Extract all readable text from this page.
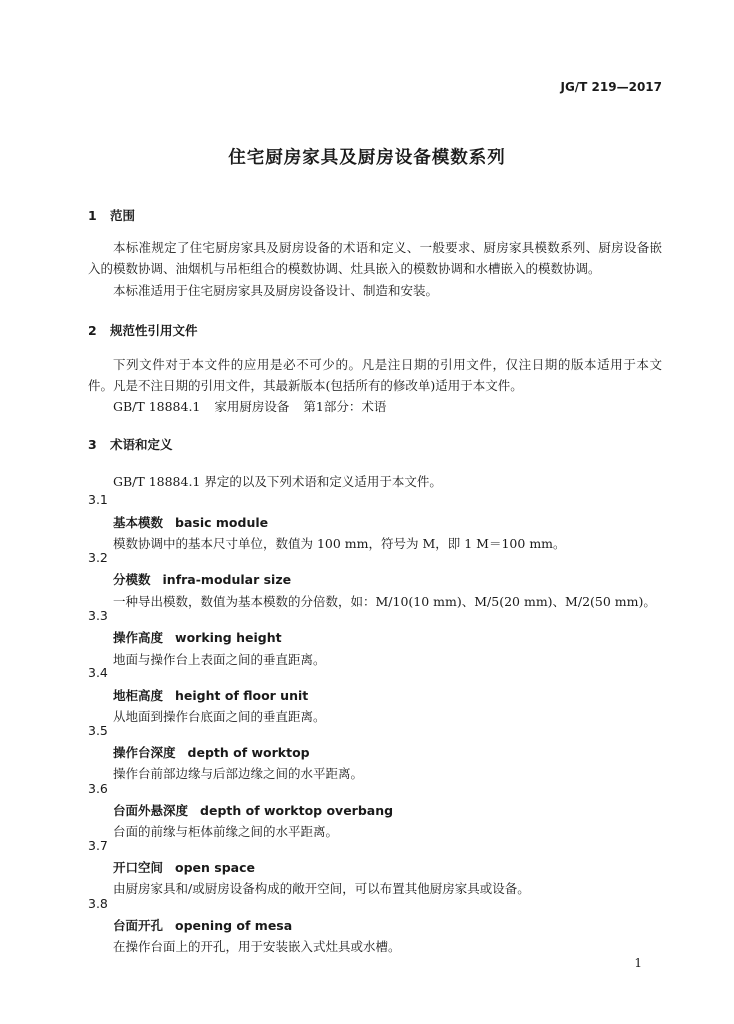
JG/T 219—2017
住宅厨房家具及厨房设备模数系列
1 范围
本标准规定了住宅厨房家具及厨房设备的术语和定义、一般要求、厨房家具模数系列、厨房设备嵌入的模数协调、油烟机与吊柜组合的模数协调、灶具嵌入的模数协调和水槽嵌入的模数协调。
本标准适用于住宅厨房家具及厨房设备设计、制造和安装。
2 规范性引用文件
下列文件对于本文件的应用是必不可少的。凡是注日期的引用文件，仅注日期的版本适用于本文件。凡是不注日期的引用文件，其最新版本(包括所有的修改单)适用于本文件。
GB/T 18884.1 家用厨房设备 第1部分：术语
3 术语和定义
GB/T 18884.1 界定的以及下列术语和定义适用于本文件。
3.1
基本模数 basic module
模数协调中的基本尺寸单位，数值为 100 mm，符号为 M，即 1 M＝100 mm。
3.2
分模数 infra-modular size
一种导出模数，数值为基本模数的分倍数，如：M/10(10 mm)、M/5(20 mm)、M/2(50 mm)。
3.3
操作高度 working height
地面与操作台上表面之间的垂直距离。
3.4
地柜高度 height of floor unit
从地面到操作台底面之间的垂直距离。
3.5
操作台深度 depth of worktop
操作台前部边缘与后部边缘之间的水平距离。
3.6
台面外悬深度 depth of worktop overbang
台面的前缘与柜体前缘之间的水平距离。
3.7
开口空间 open space
由厨房家具和/或厨房设备构成的敞开空间，可以布置其他厨房家具或设备。
3.8
台面开孔 opening of mesa
在操作台面上的开孔，用于安装嵌入式灶具或水槽。
1
